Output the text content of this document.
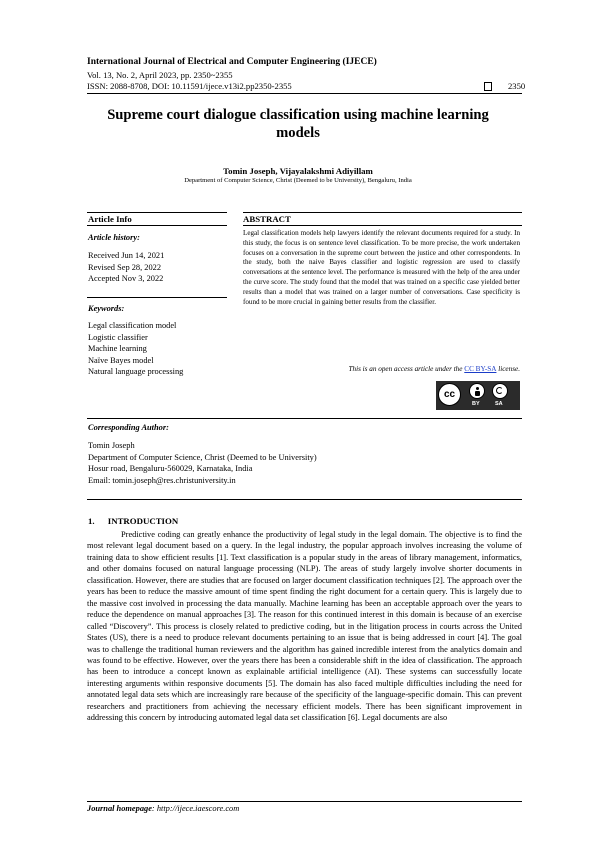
International Journal of Electrical and Computer Engineering (IJECE)
Vol. 13, No. 2, April 2023, pp. 2350~2355
ISSN: 2088-8708, DOI: 10.11591/ijece.v13i2.pp2350-2355	2350
Supreme court dialogue classification using machine learning models
Tomin Joseph, Vijayalakshmi Adiyillam
Department of Computer Science, Christ (Deemed to be University), Bengaluru, India
Article Info	ABSTRACT
Article history:
Received Jun 14, 2021
Revised Sep 28, 2022
Accepted Nov 3, 2022
Keywords:
Legal classification model
Logistic classifier
Machine learning
Naïve Bayes model
Natural language processing
Legal classification models help lawyers identify the relevant documents required for a study. In this study, the focus is on sentence level classification. To be more precise, the work undertaken focuses on a conversation in the supreme court between the justice and other correspondents. In the study, both the naive Bayes classifier and logistic regression are used to classify conversations at the sentence level. The performance is measured with the help of the area under the curve score. The study found that the model that was trained on a specific case yielded better results than a model that was trained on a larger number of conversations. Case specificity is found to be more crucial in gaining better results from the classifier.
This is an open access article under the CC BY-SA license.
cc
BY	SA
Corresponding Author:
Tomin Joseph
Department of Computer Science, Christ (Deemed to be University)
Hosur road, Bengaluru-560029, Karnataka, India
Email: tomin.joseph@res.christuniversity.in
1.      INTRODUCTION

Predictive coding can greatly enhance the productivity of legal study in the legal domain. The objective is to find the most relevant legal document based on a query. In the legal industry, the popular approach involves increasing the volume of training data to show efficient results [1]. Text classification is a popular study in the areas of library management, informatics, and other domains focused on natural language processing (NLP). The areas of study largely involve shorter documents in classification. However, there are studies that are focused on larger document classification techniques [2]. The approach over the years has been to reduce the massive amount of time spent finding the right document for a certain query. This is largely due to the massive cost involved in processing the data manually. Machine learning has been an acceptable approach over the years to reduce the dependence on manual approaches [3]. The reason for this continued interest in this domain is because of an exercise called “Discovery”. This process is closely related to predictive coding, but in the litigation process in courts across the United States (US), there is a need to produce relevant documents pertaining to an issue that is being addressed in court [4]. The goal was to challenge the traditional human reviewers and the algorithm has gained incredible interest from the analytics domain and was found to be effective. However, over the years there has been a considerable shift in the idea of classification. The approach has been to introduce a concept known as explainable artificial intelligence (AI). These systems can successfully locate interesting arguments within responsive documents [5]. The domain has also faced multiple difficulties including the need for annotated legal data sets which are increasingly rare because of the specificity of the language-specific domain. This can prevent researchers and practitioners from achieving the necessary efficient models. There has been significant improvement in addressing this concern by introducing automated legal data set classification [6]. Legal documents are also

Journal homepage: http://ijece.iaescore.com
